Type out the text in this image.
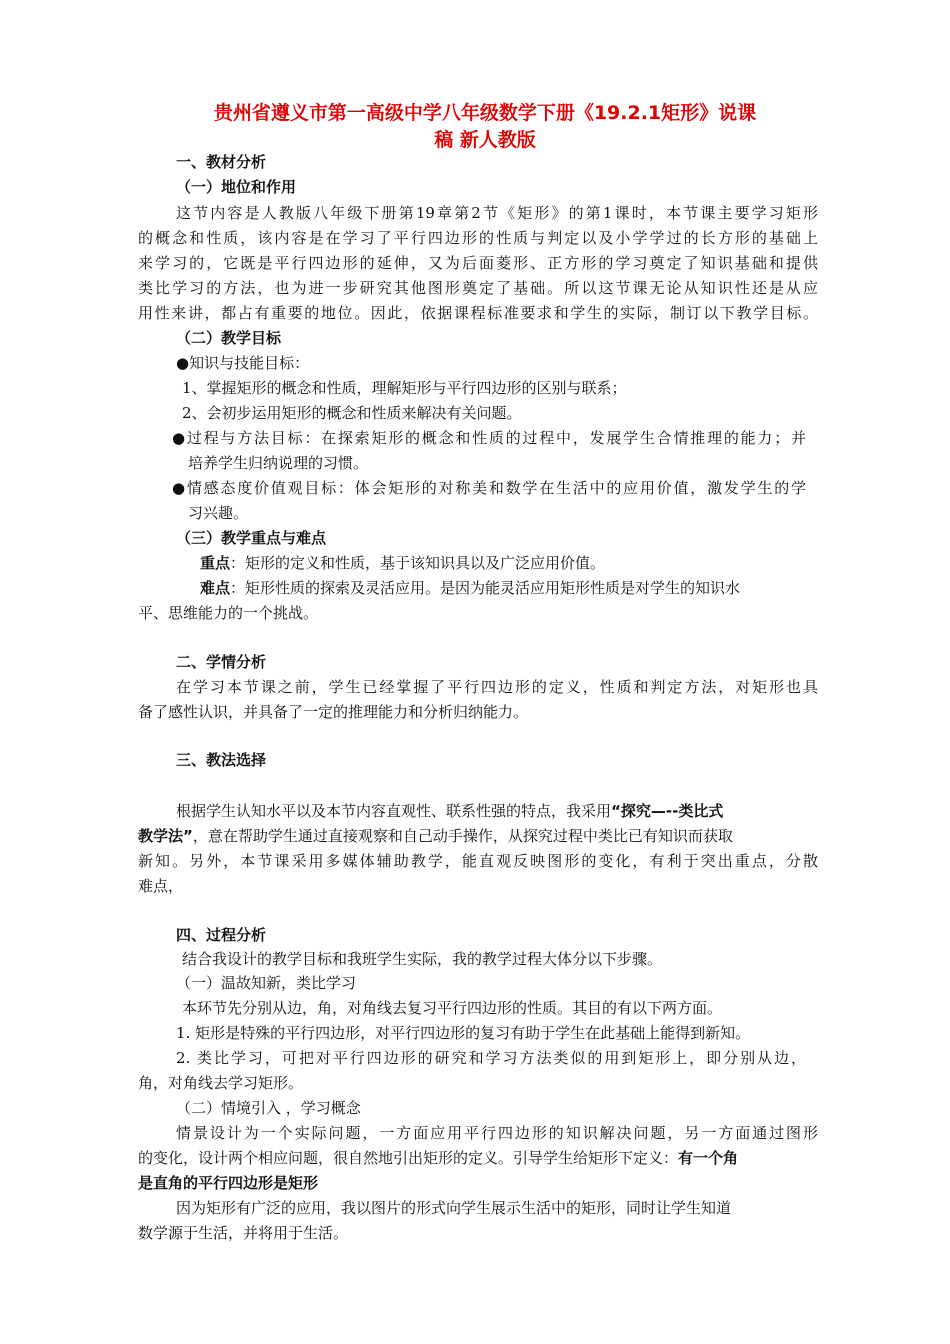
贵州省遵义市第一高级中学八年级数学下册《19.2.1矩形》说课
稿 新人教版
一、教材分析
（一）地位和作用
这节内容是人教版八年级下册第19章第2节《矩形》的第1课时，本节课主要学习矩形
的概念和性质，该内容是在学习了平行四边形的性质与判定以及小学学过的长方形的基础上
来学习的，它既是平行四边形的延伸，又为后面菱形、正方形的学习奠定了知识基础和提供
类比学习的方法，也为进一步研究其他图形奠定了基础。所以这节课无论从知识性还是从应
用性来讲，都占有重要的地位。因此，依据课程标准要求和学生的实际，制订以下教学目标。
（二）教学目标
●知识与技能目标：
1、掌握矩形的概念和性质，理解矩形与平行四边形的区别与联系；
2、会初步运用矩形的概念和性质来解决有关问题。
●过程与方法目标：在探索矩形的概念和性质的过程中，发展学生合情推理的能力；并
培养学生归纳说理的习惯。
●情感态度价值观目标：体会矩形的对称美和数学在生活中的应用价值，激发学生的学
习兴趣。
（三）教学重点与难点
重点：矩形的定义和性质，基于该知识具以及广泛应用价值。
难点：矩形性质的探索及灵活应用。是因为能灵活应用矩形性质是对学生的知识水
平、思维能力的一个挑战。
二、学情分析
在学习本节课之前，学生已经掌握了平行四边形的定义，性质和判定方法，对矩形也具
备了感性认识，并具备了一定的推理能力和分析归纳能力。
三、教法选择
根据学生认知水平以及本节内容直观性、联系性强的特点，我采用“探究—--类比式
教学法”，意在帮助学生通过直接观察和自己动手操作，从探究过程中类比已有知识而获取
新知。另外，本节课采用多媒体辅助教学，能直观反映图形的变化，有利于突出重点，分散
难点，
四、过程分析
结合我设计的教学目标和我班学生实际，我的教学过程大体分以下步骤。
（一）温故知新，类比学习
本环节先分别从边，角，对角线去复习平行四边形的性质。其目的有以下两方面。
1. 矩形是特殊的平行四边形，对平行四边形的复习有助于学生在此基础上能得到新知。
2. 类比学习，可把对平行四边形的研究和学习方法类似的用到矩形上，即分别从边，
角，对角线去学习矩形。
（二）情境引入 ，学习概念
情景设计为一个实际问题，一方面应用平行四边形的知识解决问题，另一方面通过图形
的变化，设计两个相应问题，很自然地引出矩形的定义。引导学生给矩形下定义：有一个角
是直角的平行四边形是矩形
因为矩形有广泛的应用，我以图片的形式向学生展示生活中的矩形，同时让学生知道
数学源于生活，并将用于生活。
